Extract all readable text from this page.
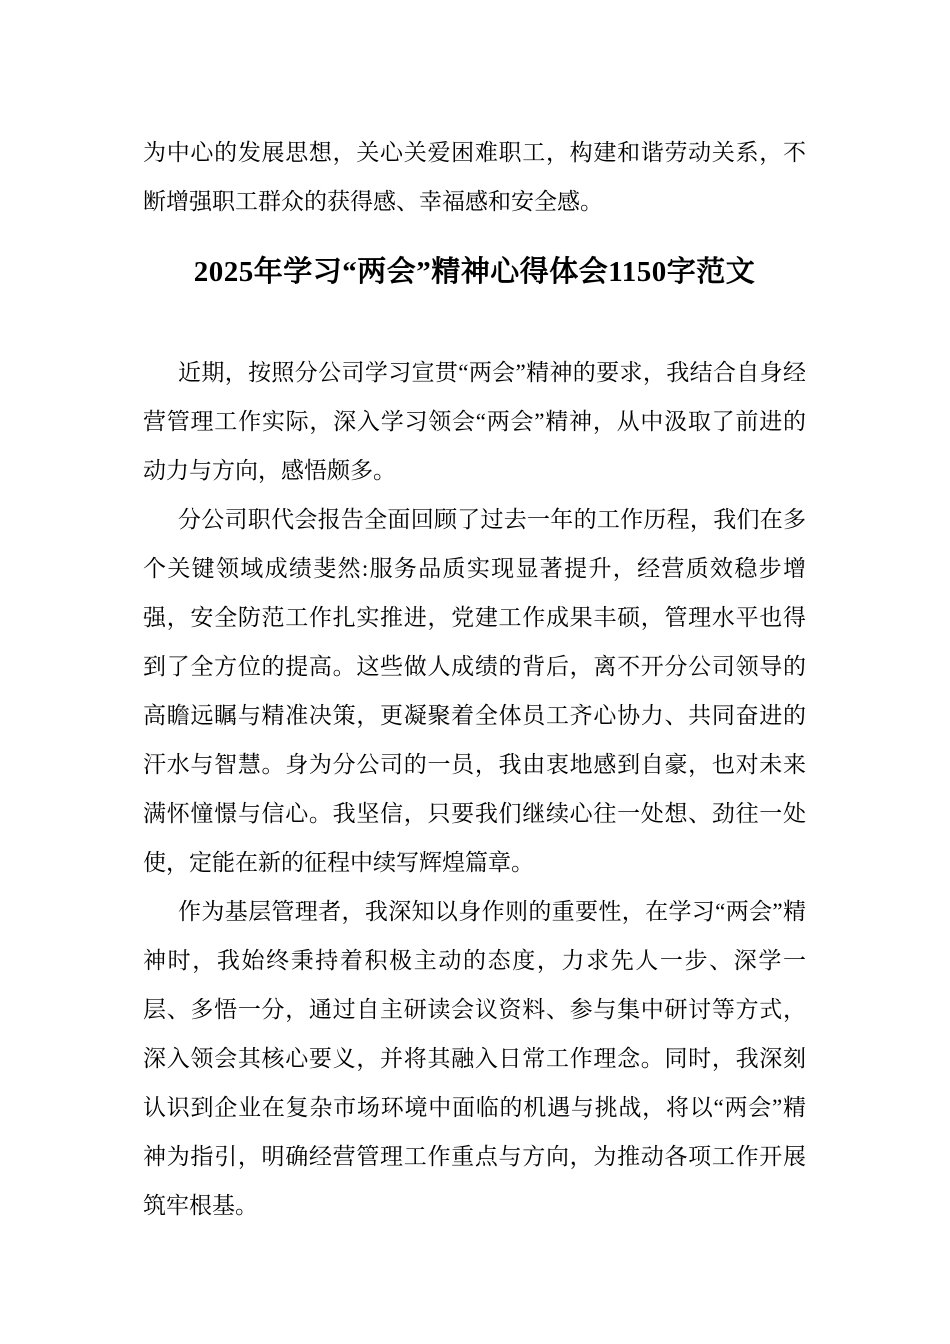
为中心的发展思想，关心关爱困难职工，构建和谐劳动关系，不断增强职工群众的获得感、幸福感和安全感。

2025年学习“两会”精神心得体会1150字范文

近期，按照分公司学习宣贯“两会”精神的要求，我结合自身经营管理工作实际，深入学习领会“两会”精神，从中汲取了前进的动力与方向，感悟颇多。

分公司职代会报告全面回顾了过去一年的工作历程，我们在多个关键领域成绩斐然:服务品质实现显著提升，经营质效稳步增强，安全防范工作扎实推进，党建工作成果丰硕，管理水平也得到了全方位的提高。这些做人成绩的背后，离不开分公司领导的高瞻远瞩与精准决策，更凝聚着全体员工齐心协力、共同奋进的汗水与智慧。身为分公司的一员，我由衷地感到自豪，也对未来满怀憧憬与信心。我坚信，只要我们继续心往一处想、劲往一处使，定能在新的征程中续写辉煌篇章。

作为基层管理者，我深知以身作则的重要性，在学习“两会”精神时，我始终秉持着积极主动的态度，力求先人一步、深学一层、多悟一分，通过自主研读会议资料、参与集中研讨等方式， 深入领会其核心要义，并将其融入日常工作理念。同时，我深刻认识到企业在复杂市场环境中面临的机遇与挑战，将以“两会”精神为指引，明确经营管理工作重点与方向，为推动各项工作开展筑牢根基。
